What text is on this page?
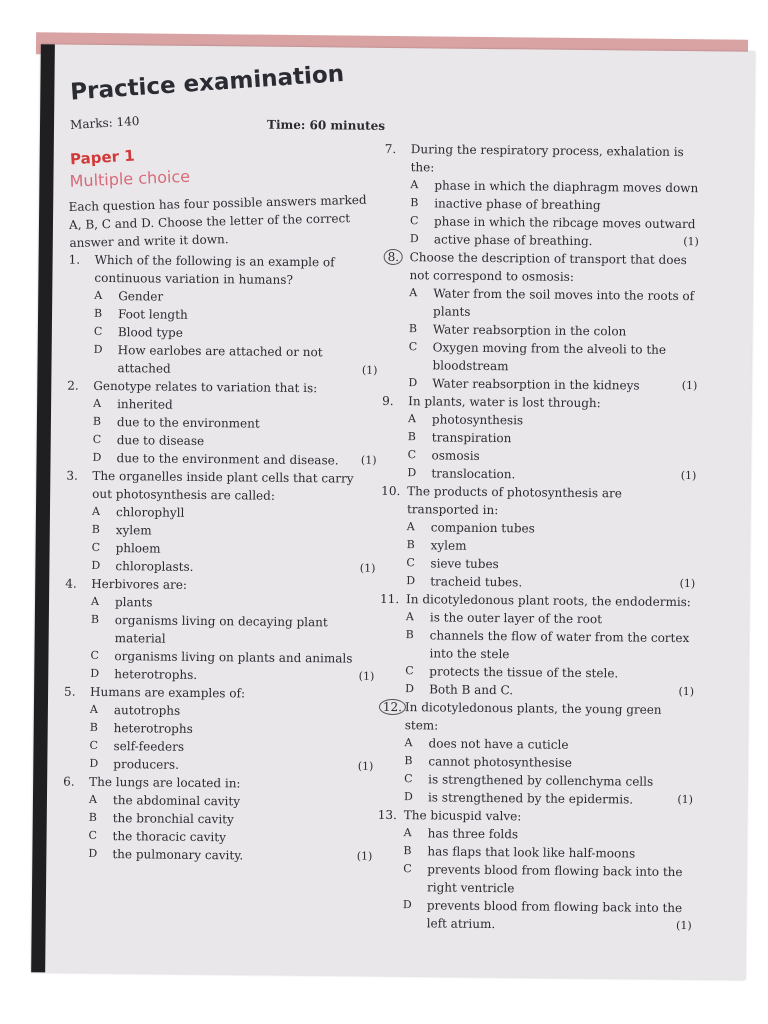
Practice examination
Marks: 140	Time: 60 minutes
Paper 1
Multiple choice
Each question has four possible answers marked A, B, C and D. Choose the letter of the correct answer and write it down.
1.	Which of the following is an example of continuous variation in humans?
A	Gender
B	Foot length
C	Blood type
D	How earlobes are attached or not attached	(1)
2.	Genotype relates to variation that is:
A	inherited
B	due to the environment
C	due to disease
D	due to the environment and disease.	(1)
3.	The organelles inside plant cells that carry out photosynthesis are called:
A	chlorophyll
B	xylem
C	phloem
D	chloroplasts.	(1)
4.	Herbivores are:
A	plants
B	organisms living on decaying plant material
C	organisms living on plants and animals
D	heterotrophs.	(1)
5.	Humans are examples of:
A	autotrophs
B	heterotrophs
C	self-feeders
D	producers.	(1)
6.	The lungs are located in:
A	the abdominal cavity
B	the bronchial cavity
C	the thoracic cavity
D	the pulmonary cavity.	(1)
7.	During the respiratory process, exhalation is the:
A	phase in which the diaphragm moves down
B	inactive phase of breathing
C	phase in which the ribcage moves outward
D	active phase of breathing.	(1)
8. Choose the description of transport that does not correspond to osmosis:
A	Water from the soil moves into the roots of plants
B	Water reabsorption in the colon
C	Oxygen moving from the alveoli to the bloodstream
D	Water reabsorption in the kidneys	(1)
9.	In plants, water is lost through:
A	photosynthesis
B	transpiration
C	osmosis
D	translocation.	(1)
10. The products of photosynthesis are transported in:
A	companion tubes
B	xylem
C	sieve tubes
D	tracheid tubes.	(1)
11. In dicotyledonous plant roots, the endodermis:
A	is the outer layer of the root
B	channels the flow of water from the cortex into the stele
C	protects the tissue of the stele.
D	Both B and C.	(1)
12. In dicotyledonous plants, the young green stem:
A	does not have a cuticle
B	cannot photosynthesise
C	is strengthened by collenchyma cells
D	is strengthened by the epidermis.	(1)
13. The bicuspid valve:
A	has three folds
B	has flaps that look like half-moons
C	prevents blood from flowing back into the right ventricle
D	prevents blood from flowing back into the left atrium.	(1)
